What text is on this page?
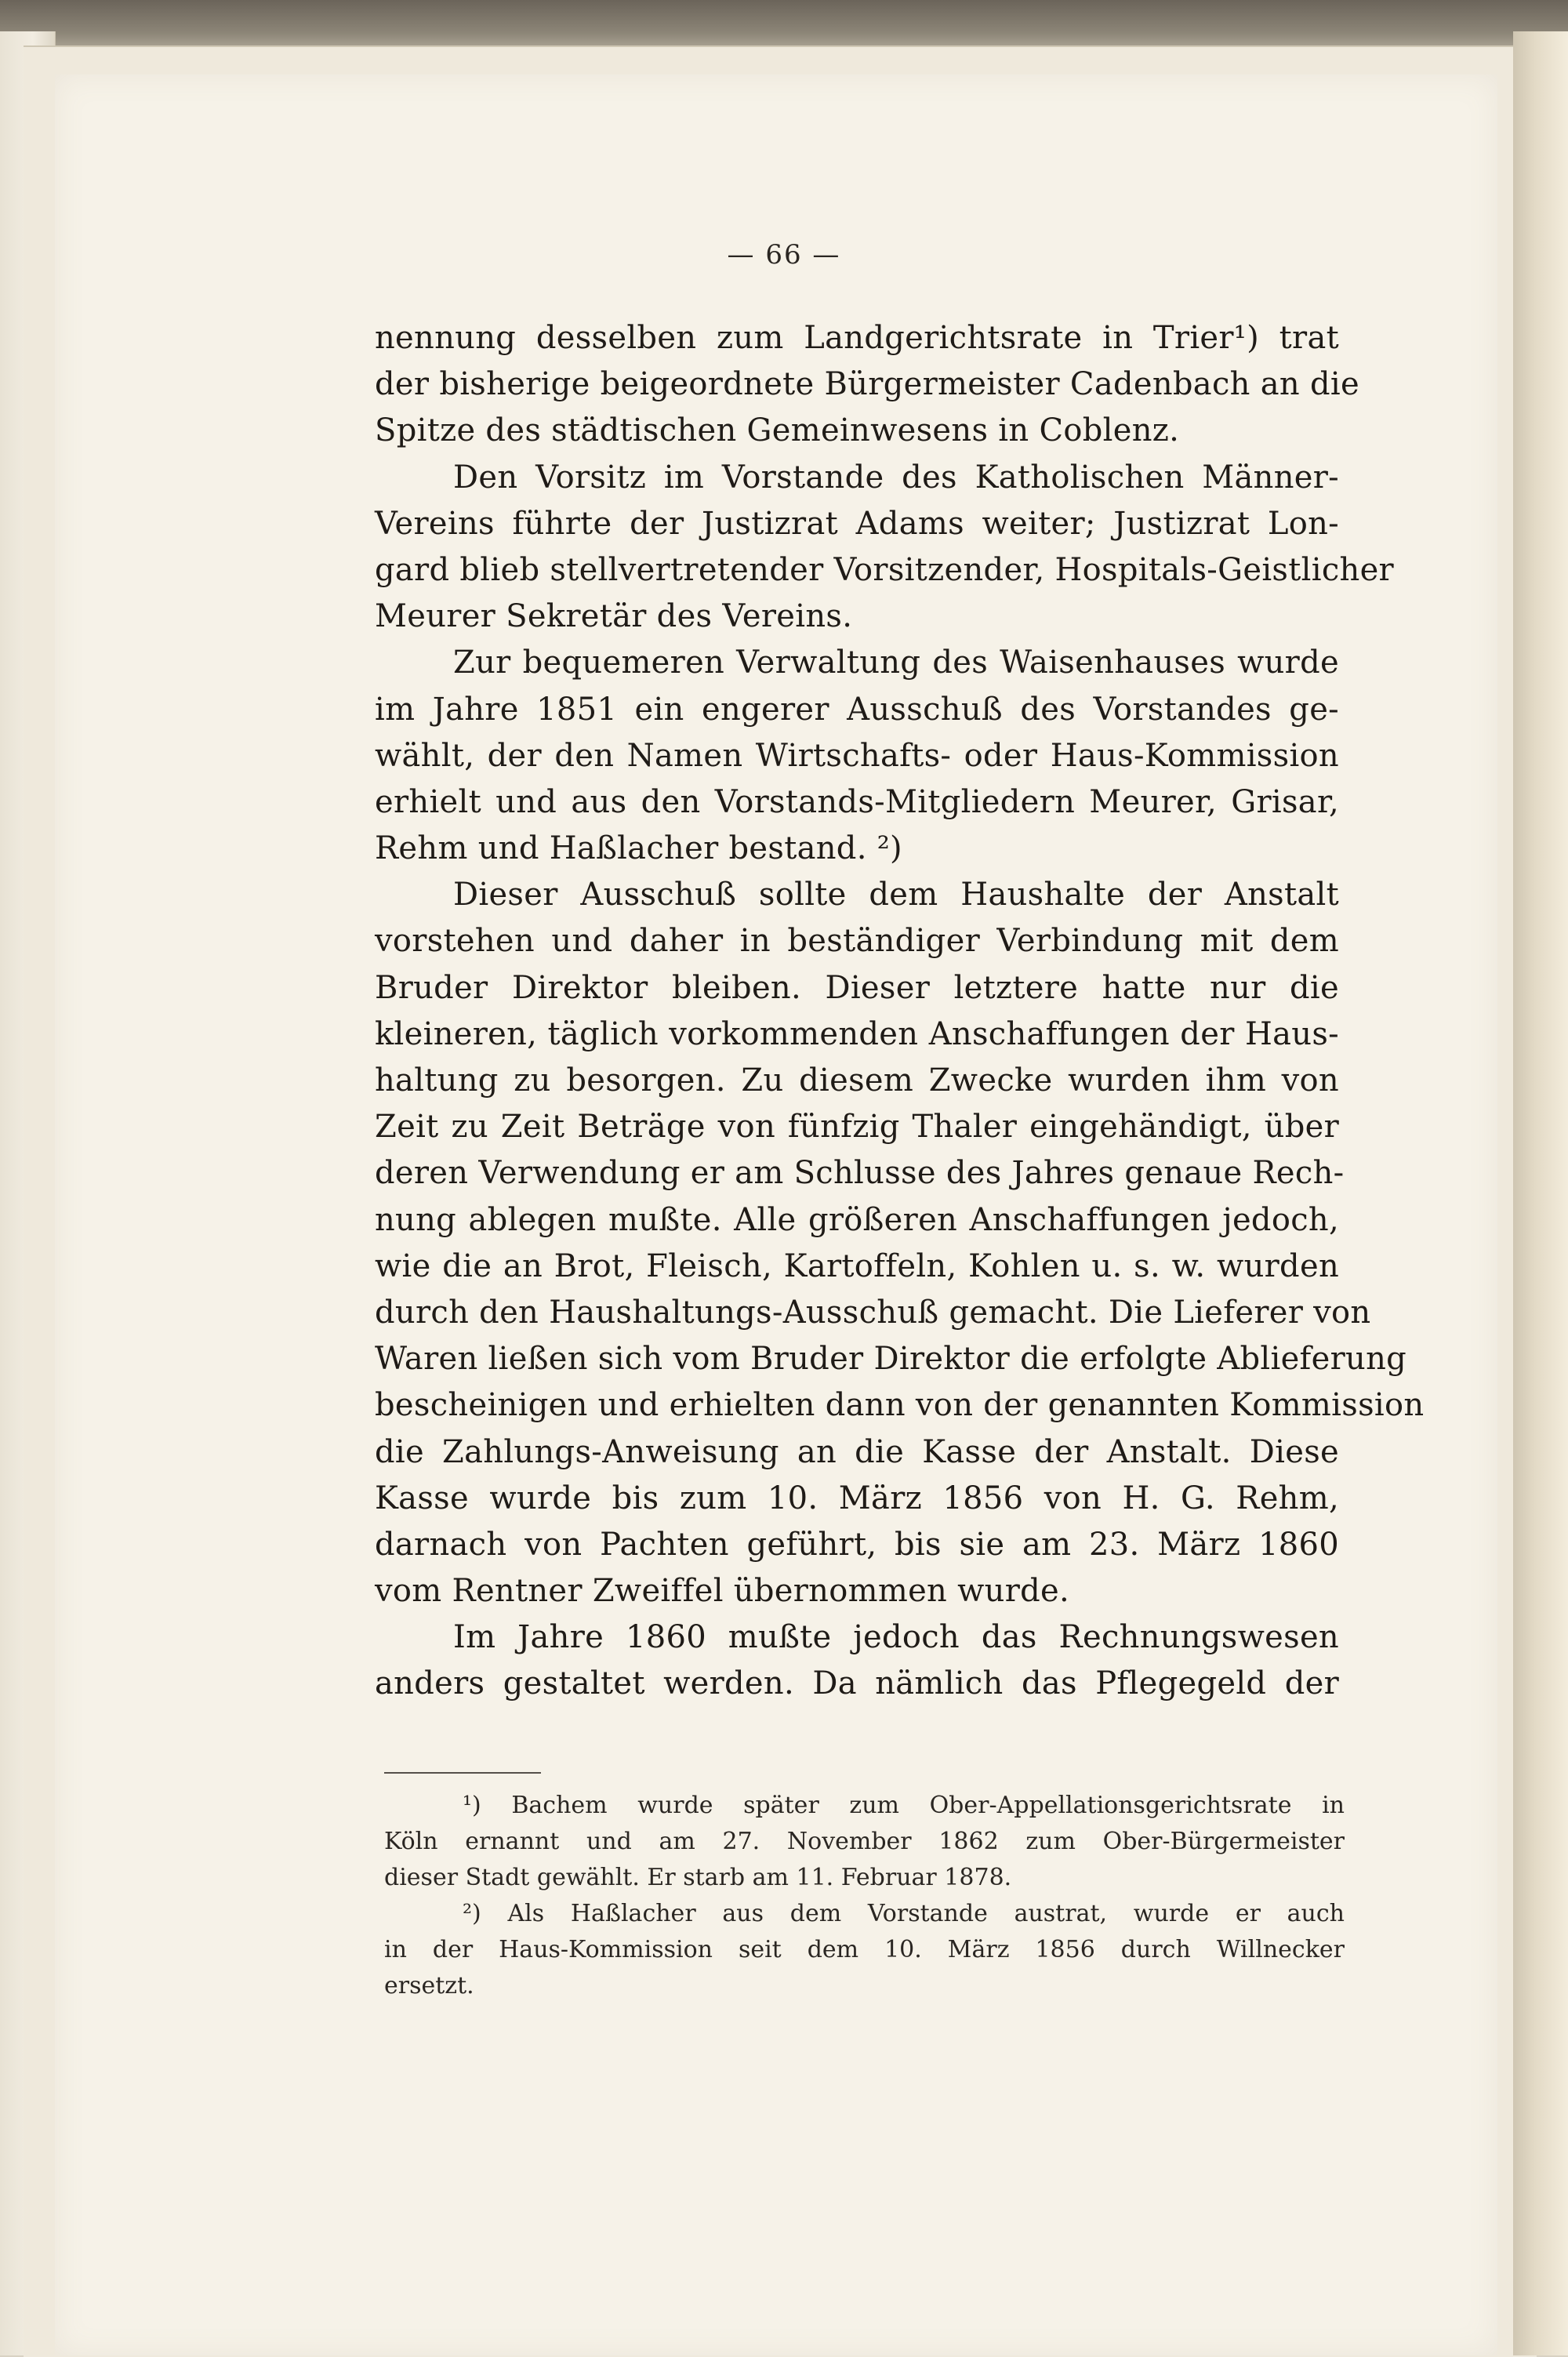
— 66 —
nennung desselben zum Landgerichtsrate in Trier¹) trat
der bisherige beigeordnete Bürgermeister Cadenbach an die
Spitze des städtischen Gemeinwesens in Coblenz.
Den Vorsitz im Vorstande des Katholischen Männer-
Vereins führte der Justizrat Adams weiter; Justizrat Lon-
gard blieb stellvertretender Vorsitzender, Hospitals-Geistlicher
Meurer Sekretär des Vereins.
Zur bequemeren Verwaltung des Waisenhauses wurde
im Jahre 1851 ein engerer Ausschuß des Vorstandes ge-
wählt, der den Namen Wirtschafts- oder Haus-Kommission
erhielt und aus den Vorstands-Mitgliedern Meurer, Grisar,
Rehm und Haßlacher bestand. ²)
Dieser Ausschuß sollte dem Haushalte der Anstalt
vorstehen und daher in beständiger Verbindung mit dem
Bruder Direktor bleiben. Dieser letztere hatte nur die
kleineren, täglich vorkommenden Anschaffungen der Haus-
haltung zu besorgen. Zu diesem Zwecke wurden ihm von
Zeit zu Zeit Beträge von fünfzig Thaler eingehändigt, über
deren Verwendung er am Schlusse des Jahres genaue Rech-
nung ablegen mußte. Alle größeren Anschaffungen jedoch,
wie die an Brot, Fleisch, Kartoffeln, Kohlen u. s. w. wurden
durch den Haushaltungs-Ausschuß gemacht. Die Lieferer von
Waren ließen sich vom Bruder Direktor die erfolgte Ablieferung
bescheinigen und erhielten dann von der genannten Kommission
die Zahlungs-Anweisung an die Kasse der Anstalt. Diese
Kasse wurde bis zum 10. März 1856 von H. G. Rehm,
darnach von Pachten geführt, bis sie am 23. März 1860
vom Rentner Zweiffel übernommen wurde.
Im Jahre 1860 mußte jedoch das Rechnungswesen
anders gestaltet werden. Da nämlich das Pflegegeld der
¹) Bachem wurde später zum Ober-Appellationsgerichtsrate in
Köln ernannt und am 27. November 1862 zum Ober-Bürgermeister
dieser Stadt gewählt. Er starb am 11. Februar 1878.
²) Als Haßlacher aus dem Vorstande austrat, wurde er auch
in der Haus-Kommission seit dem 10. März 1856 durch Willnecker
ersetzt.
